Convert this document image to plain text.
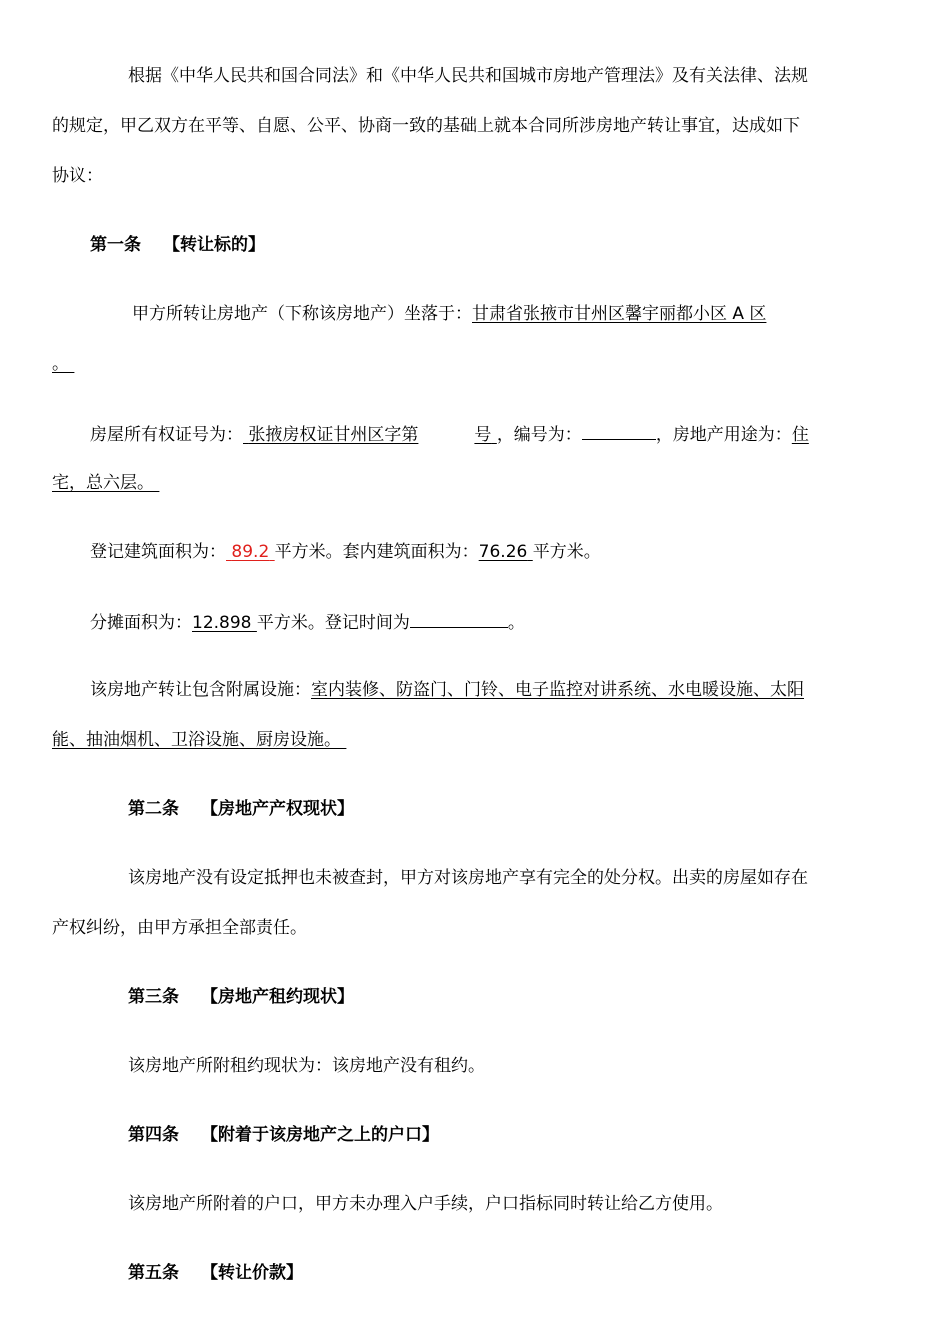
根据《中华人民共和国合同法》和《中华人民共和国城市房地产管理法》及有关法律、法规
的规定，甲乙双方在平等、自愿、公平、协商一致的基础上就本合同所涉房地产转让事宜，达成如下
协议：
第一条 【转让标的】
甲方所转让房地产（下称该房地产）坐落于：甘肃省张掖市甘州区馨宇丽都小区 A 区
。
房屋所有权证号为： 张掖房权证甘州区字第	号 ，编号为：	，房地产用途为：住
宅，总六层。
登记建筑面积为： 89.2 平方米。套内建筑面积为：76.26 平方米。
分摊面积为：12.898 平方米。登记时间为	。
该房地产转让包含附属设施：室内装修、防盗门、门铃、电子监控对讲系统、水电暖设施、太阳
能、抽油烟机、卫浴设施、厨房设施。
第二条 【房地产产权现状】
该房地产没有设定抵押也未被查封，甲方对该房地产享有完全的处分权。出卖的房屋如存在
产权纠纷，由甲方承担全部责任。
第三条 【房地产租约现状】
该房地产所附租约现状为：该房地产没有租约。
第四条 【附着于该房地产之上的户口】
该房地产所附着的户口，甲方未办理入户手续，户口指标同时转让给乙方使用。
第五条 【转让价款】
